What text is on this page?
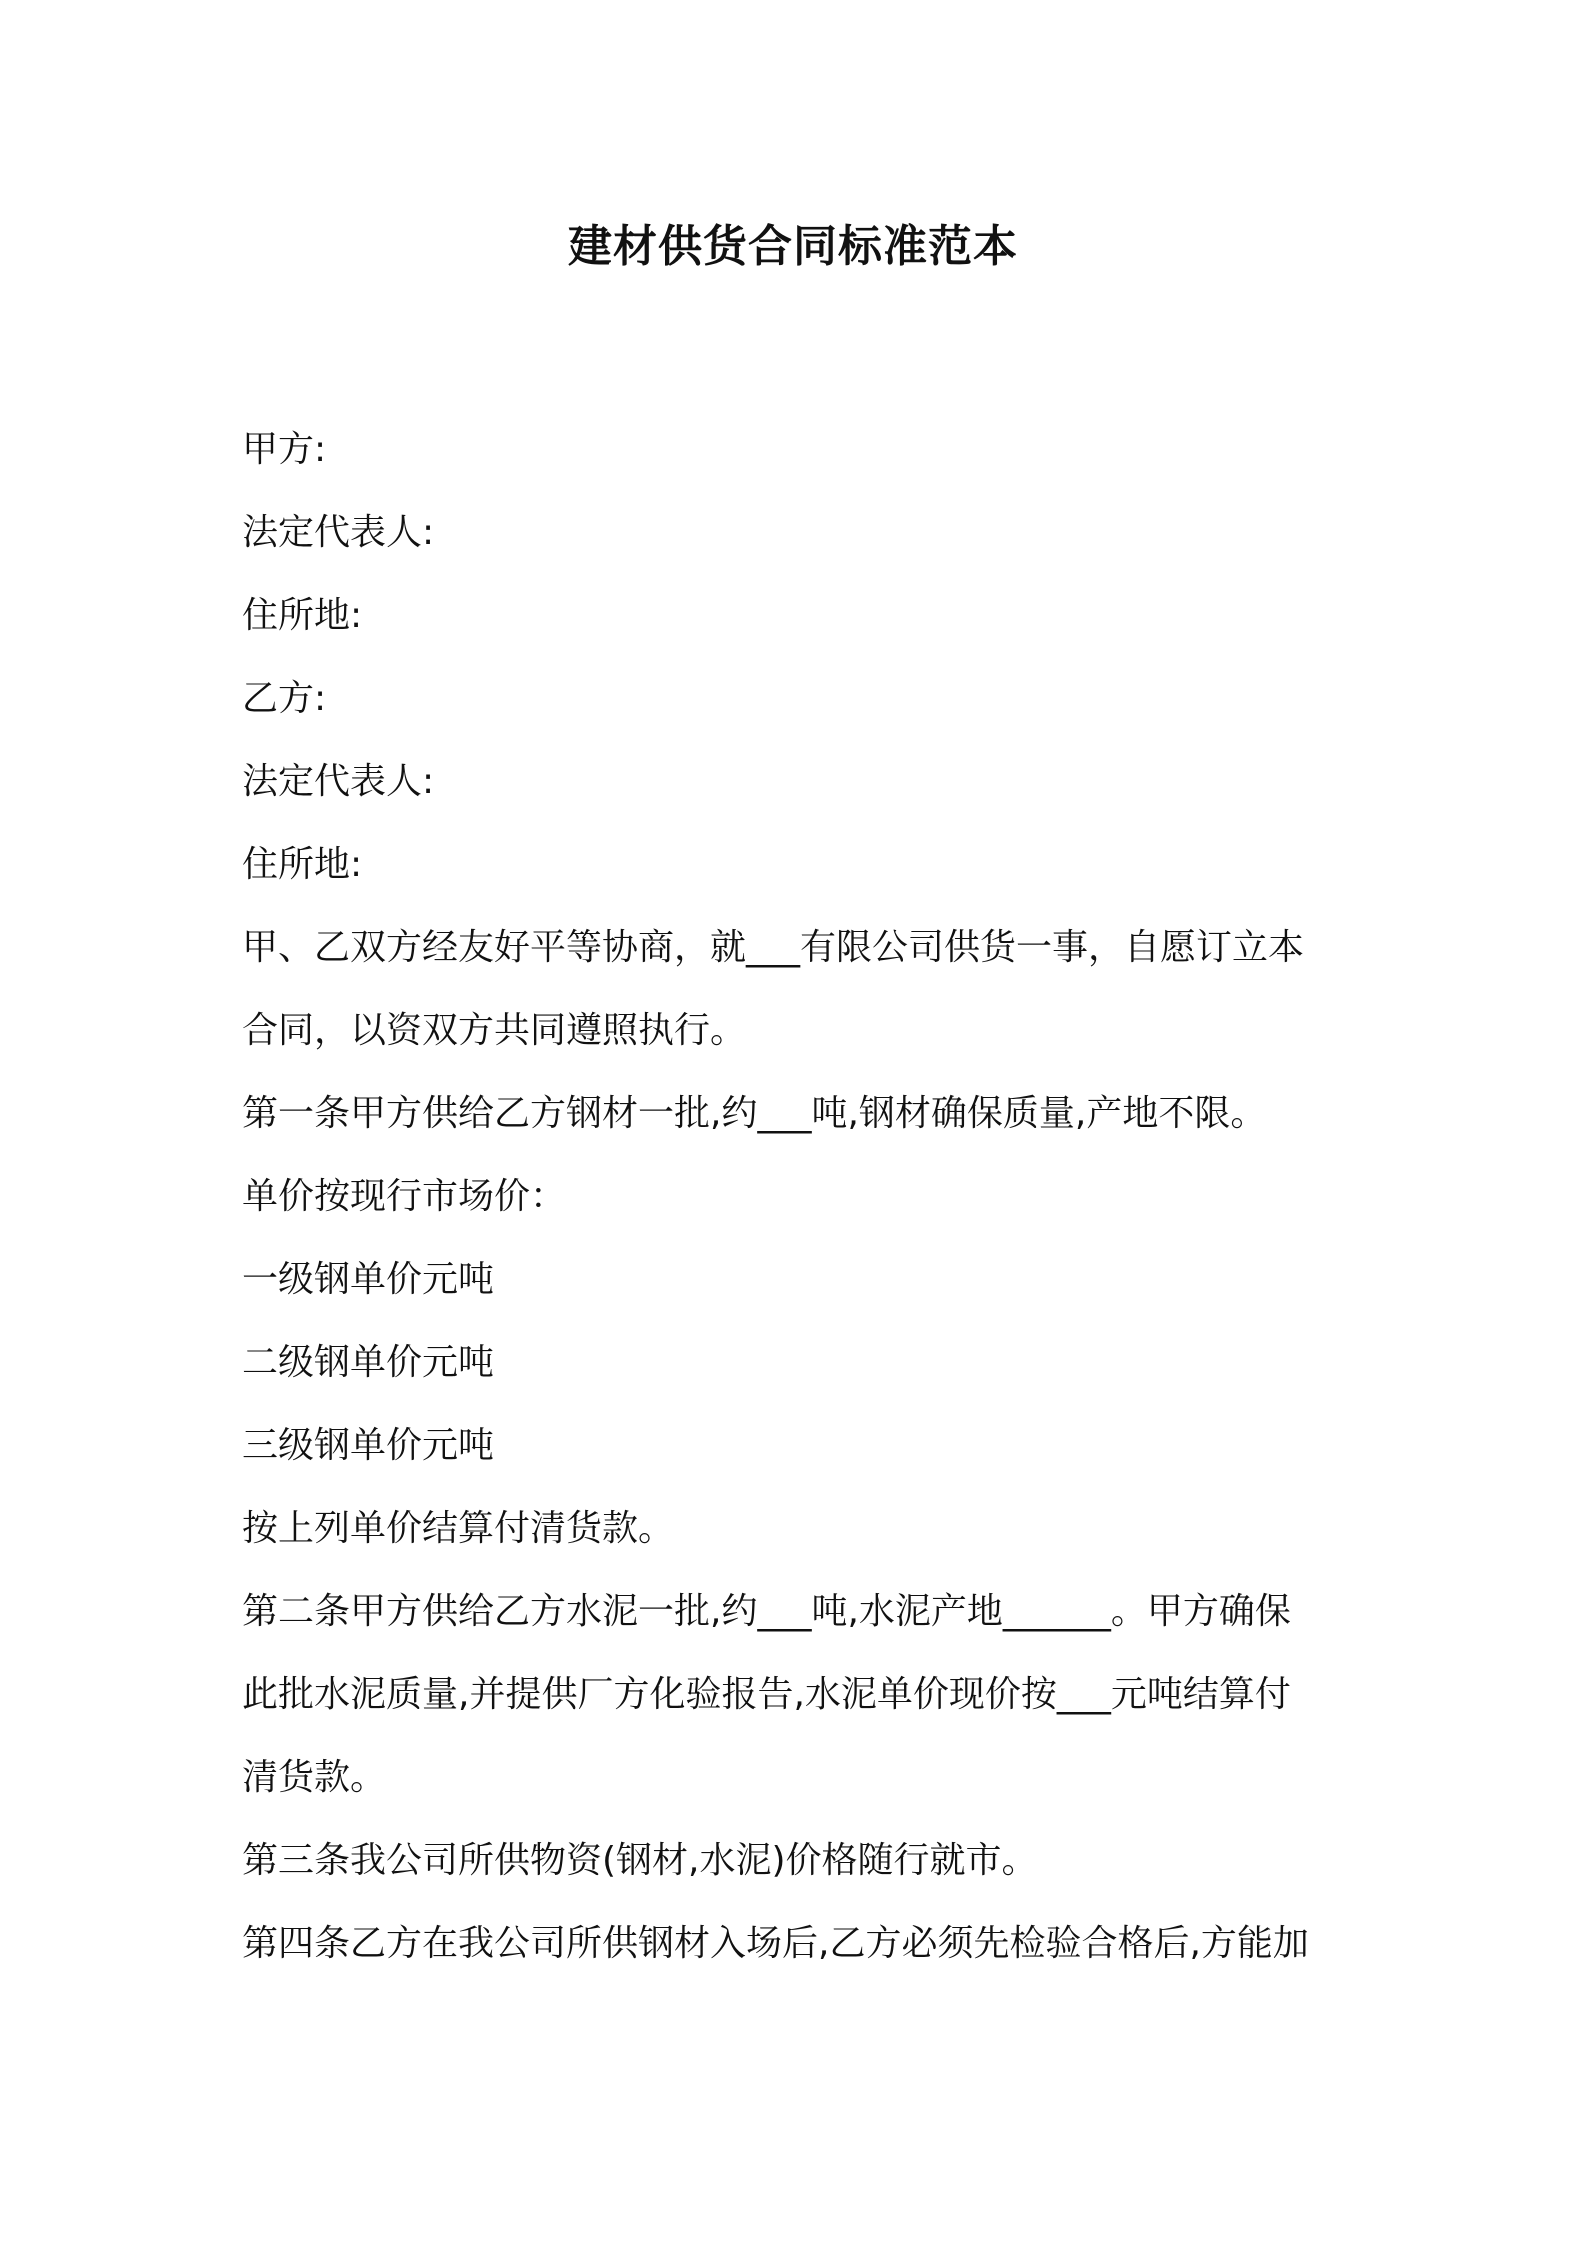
建材供货合同标准范本

甲方:

法定代表人:

住所地:

乙方:

法定代表人:

住所地:

甲、乙双方经友好平等协商，就___有限公司供货一事，自愿订立本

合同，以资双方共同遵照执行。

第一条甲方供给乙方钢材一批,约___吨,钢材确保质量,产地不限。

单价按现行市场价：

一级钢单价元吨

二级钢单价元吨

三级钢单价元吨

按上列单价结算付清货款。

第二条甲方供给乙方水泥一批,约___吨,水泥产地______。甲方确保

此批水泥质量,并提供厂方化验报告,水泥单价现价按___元吨结算付

清货款。

第三条我公司所供物资(钢材,水泥)价格随行就市。

第四条乙方在我公司所供钢材入场后,乙方必须先检验合格后,方能加
